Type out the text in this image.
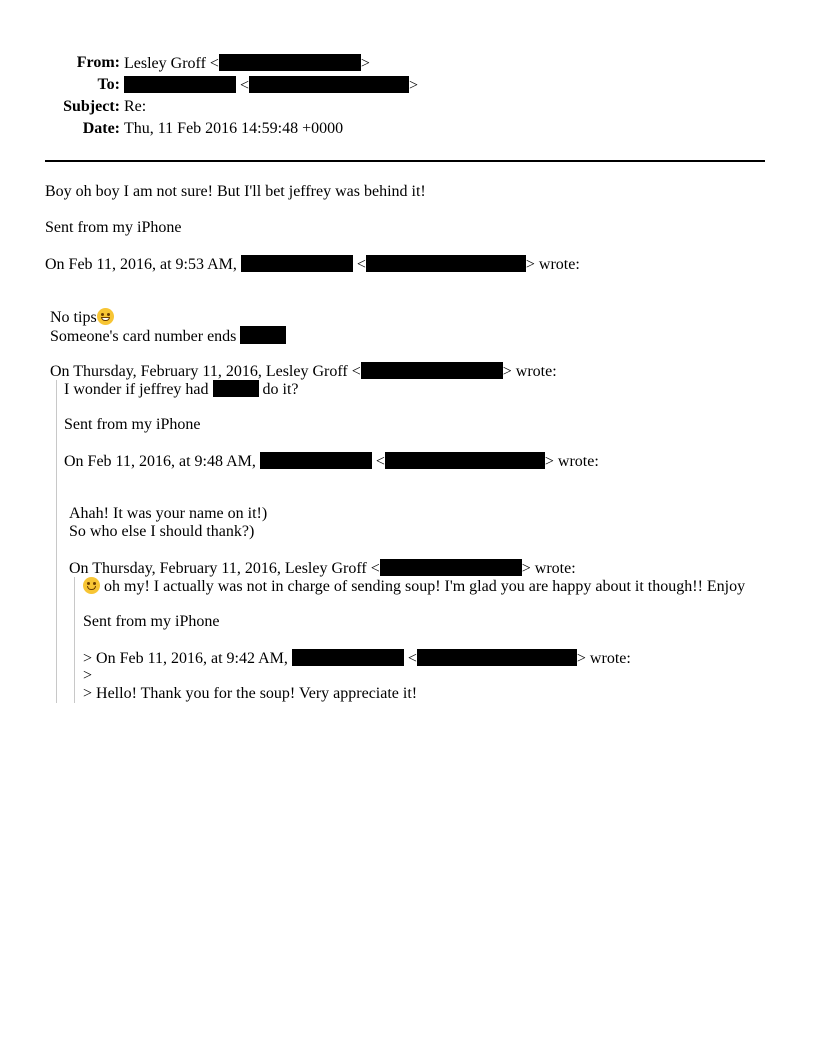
From: Lesley Groff <	>
To:	<	>
Subject: Re:
Date: Thu, 11 Feb 2016 14:59:48 +0000
Boy oh boy I am not sure! But I'll bet jeffrey was behind it!
Sent from my iPhone
On Feb 11, 2016, at 9:53 AM,	<	> wrote:
No tips
Someone's card number ends
On Thursday, February 11, 2016, Lesley Groff <	> wrote:
I wonder if jeffrey had	do it?
Sent from my iPhone
On Feb 11, 2016, at 9:48 AM,	<	> wrote:
Ahah! It was your name on it!)
So who else I should thank?)
On Thursday, February 11, 2016, Lesley Groff <	> wrote:
oh my! I actually was not in charge of sending soup! I'm glad you are happy about it though!! Enjoy
Sent from my iPhone
> On Feb 11, 2016, at 9:42 AM,	<	> wrote:
>
> Hello! Thank you for the soup! Very appreciate it!
